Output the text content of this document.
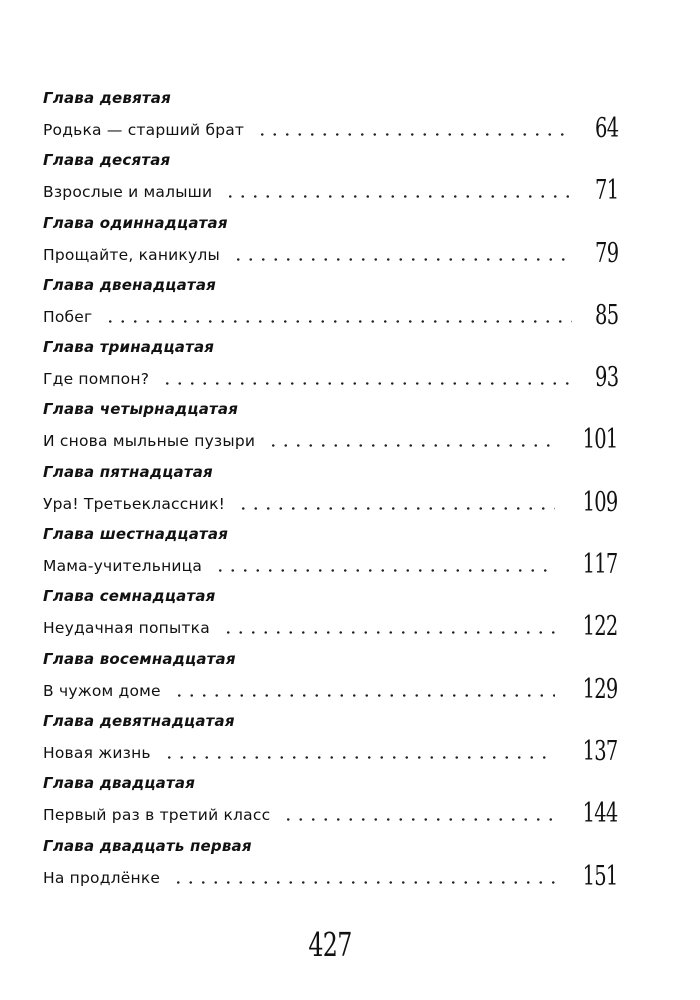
Глава девятая
Родька — старший брат	64
Глава десятая
Взрослые и малыши	71
Глава одиннадцатая
Прощайте, каникулы	79
Глава двенадцатая
Побег	85
Глава тринадцатая
Где помпон?	93
Глава четырнадцатая
И снова мыльные пузыри	101
Глава пятнадцатая
Ура! Третьеклассник!	109
Глава шестнадцатая
Мама-учительница	117
Глава семнадцатая
Неудачная попытка	122
Глава восемнадцатая
В чужом доме	129
Глава девятнадцатая
Новая жизнь	137
Глава двадцатая
Первый раз в третий класс	144
Глава двадцать первая
На продлёнке	151
427
